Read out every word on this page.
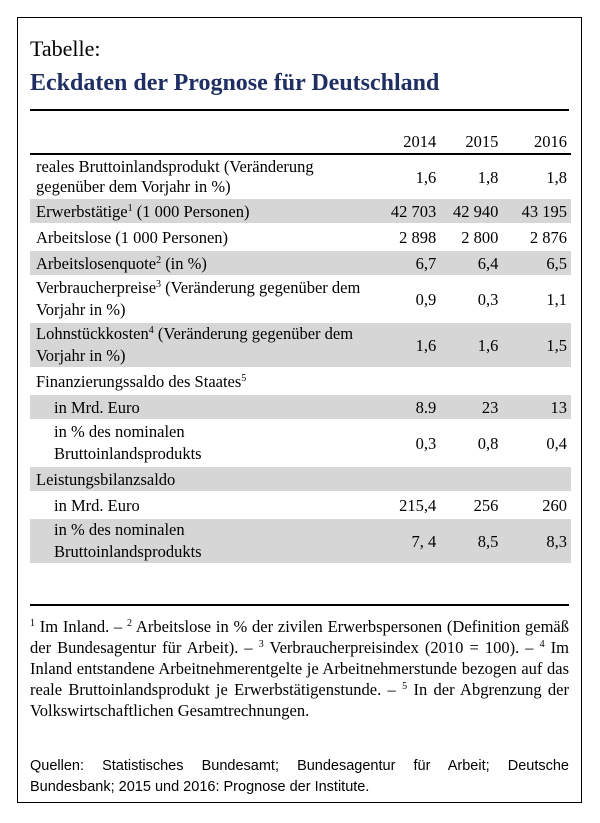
Tabelle:
Eckdaten der Prognose für Deutschland
	2014	2015	2016
reales Bruttoinlandsprodukt (Veränderung gegenüber dem Vorjahr in %)	1,6	1,8	1,8
Erwerbstätige$^1$ (1 000 Personen)	42 703	42 940	43 195
Arbeitslose (1 000 Personen)	2 898	2 800	2 876
Arbeitslosenquote$^2$ (in %)	6,7	6,4	6,5
Verbraucherpreise$^3$ (Veränderung gegenüber dem Vorjahr in %)	0,9	0,3	1,1
Lohnstückkosten$^4$ (Veränderung gegenüber dem Vorjahr in %)	1,6	1,6	1,5
Finanzierungssaldo des Staates$^5$
in Mrd. Euro	8.9	23	13
in % des nominalen Bruttoinlandsprodukts	0,3	0,8	0,4
Leistungsbilanzsaldo			
in Mrd. Euro	215,4	256	260
in % des nominalen Bruttoinlandsprodukts	7, 4	8,5	8,3
$^1$ Im Inland. – $^2$ Arbeitslose in % der zivilen Erwerbspersonen (Definition gemäß der Bundesagentur für Arbeit). – $^3$ Verbraucherpreisindex (2010 = 100). – $^4$ Im Inland entstandene Arbeitnehmerentgelte je Arbeitnehmerstunde bezogen auf das reale Bruttoinlandsprodukt je Erwerbstätigenstunde. – $^5$ In der Abgrenzung der Volkswirtschaftlichen Gesamtrechnungen.
Quellen: Statistisches Bundesamt; Bundesagentur für Arbeit; Deutsche Bundesbank; 2015 und 2016: Prognose der Institute.
